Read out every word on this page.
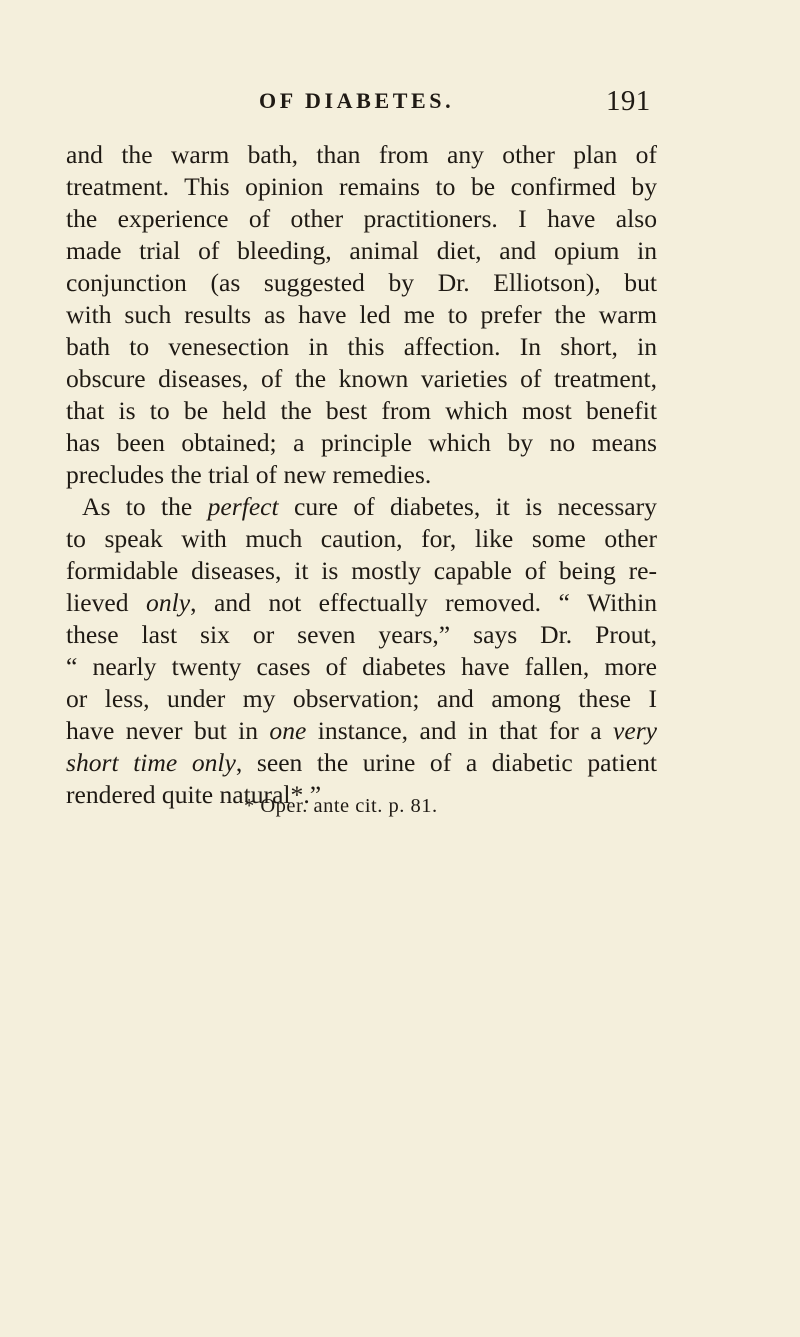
OF DIABETES.	191
and the warm bath, than from any other plan of
treatment. This opinion remains to be confirmed by
the experience of other practitioners. I have also
made trial of bleeding, animal diet, and opium in
conjunction (as suggested by Dr. Elliotson), but
with such results as have led me to prefer the warm
bath to venesection in this affection. In short, in
obscure diseases, of the known varieties of treatment,
that is to be held the best from which most benefit
has been obtained; a principle which by no means
precludes the trial of new remedies.
As to the perfect cure of diabetes, it is necessary
to speak with much caution, for, like some other
formidable diseases, it is mostly capable of being re-
lieved only, and not effectually removed. “ Within
these last six or seven years,” says Dr. Prout,
“ nearly twenty cases of diabetes have fallen, more
or less, under my observation; and among these I
have never but in one instance, and in that for a very
short time only, seen the urine of a diabetic patient
rendered quite natural*.”
* Oper. ante cit. p. 81.
